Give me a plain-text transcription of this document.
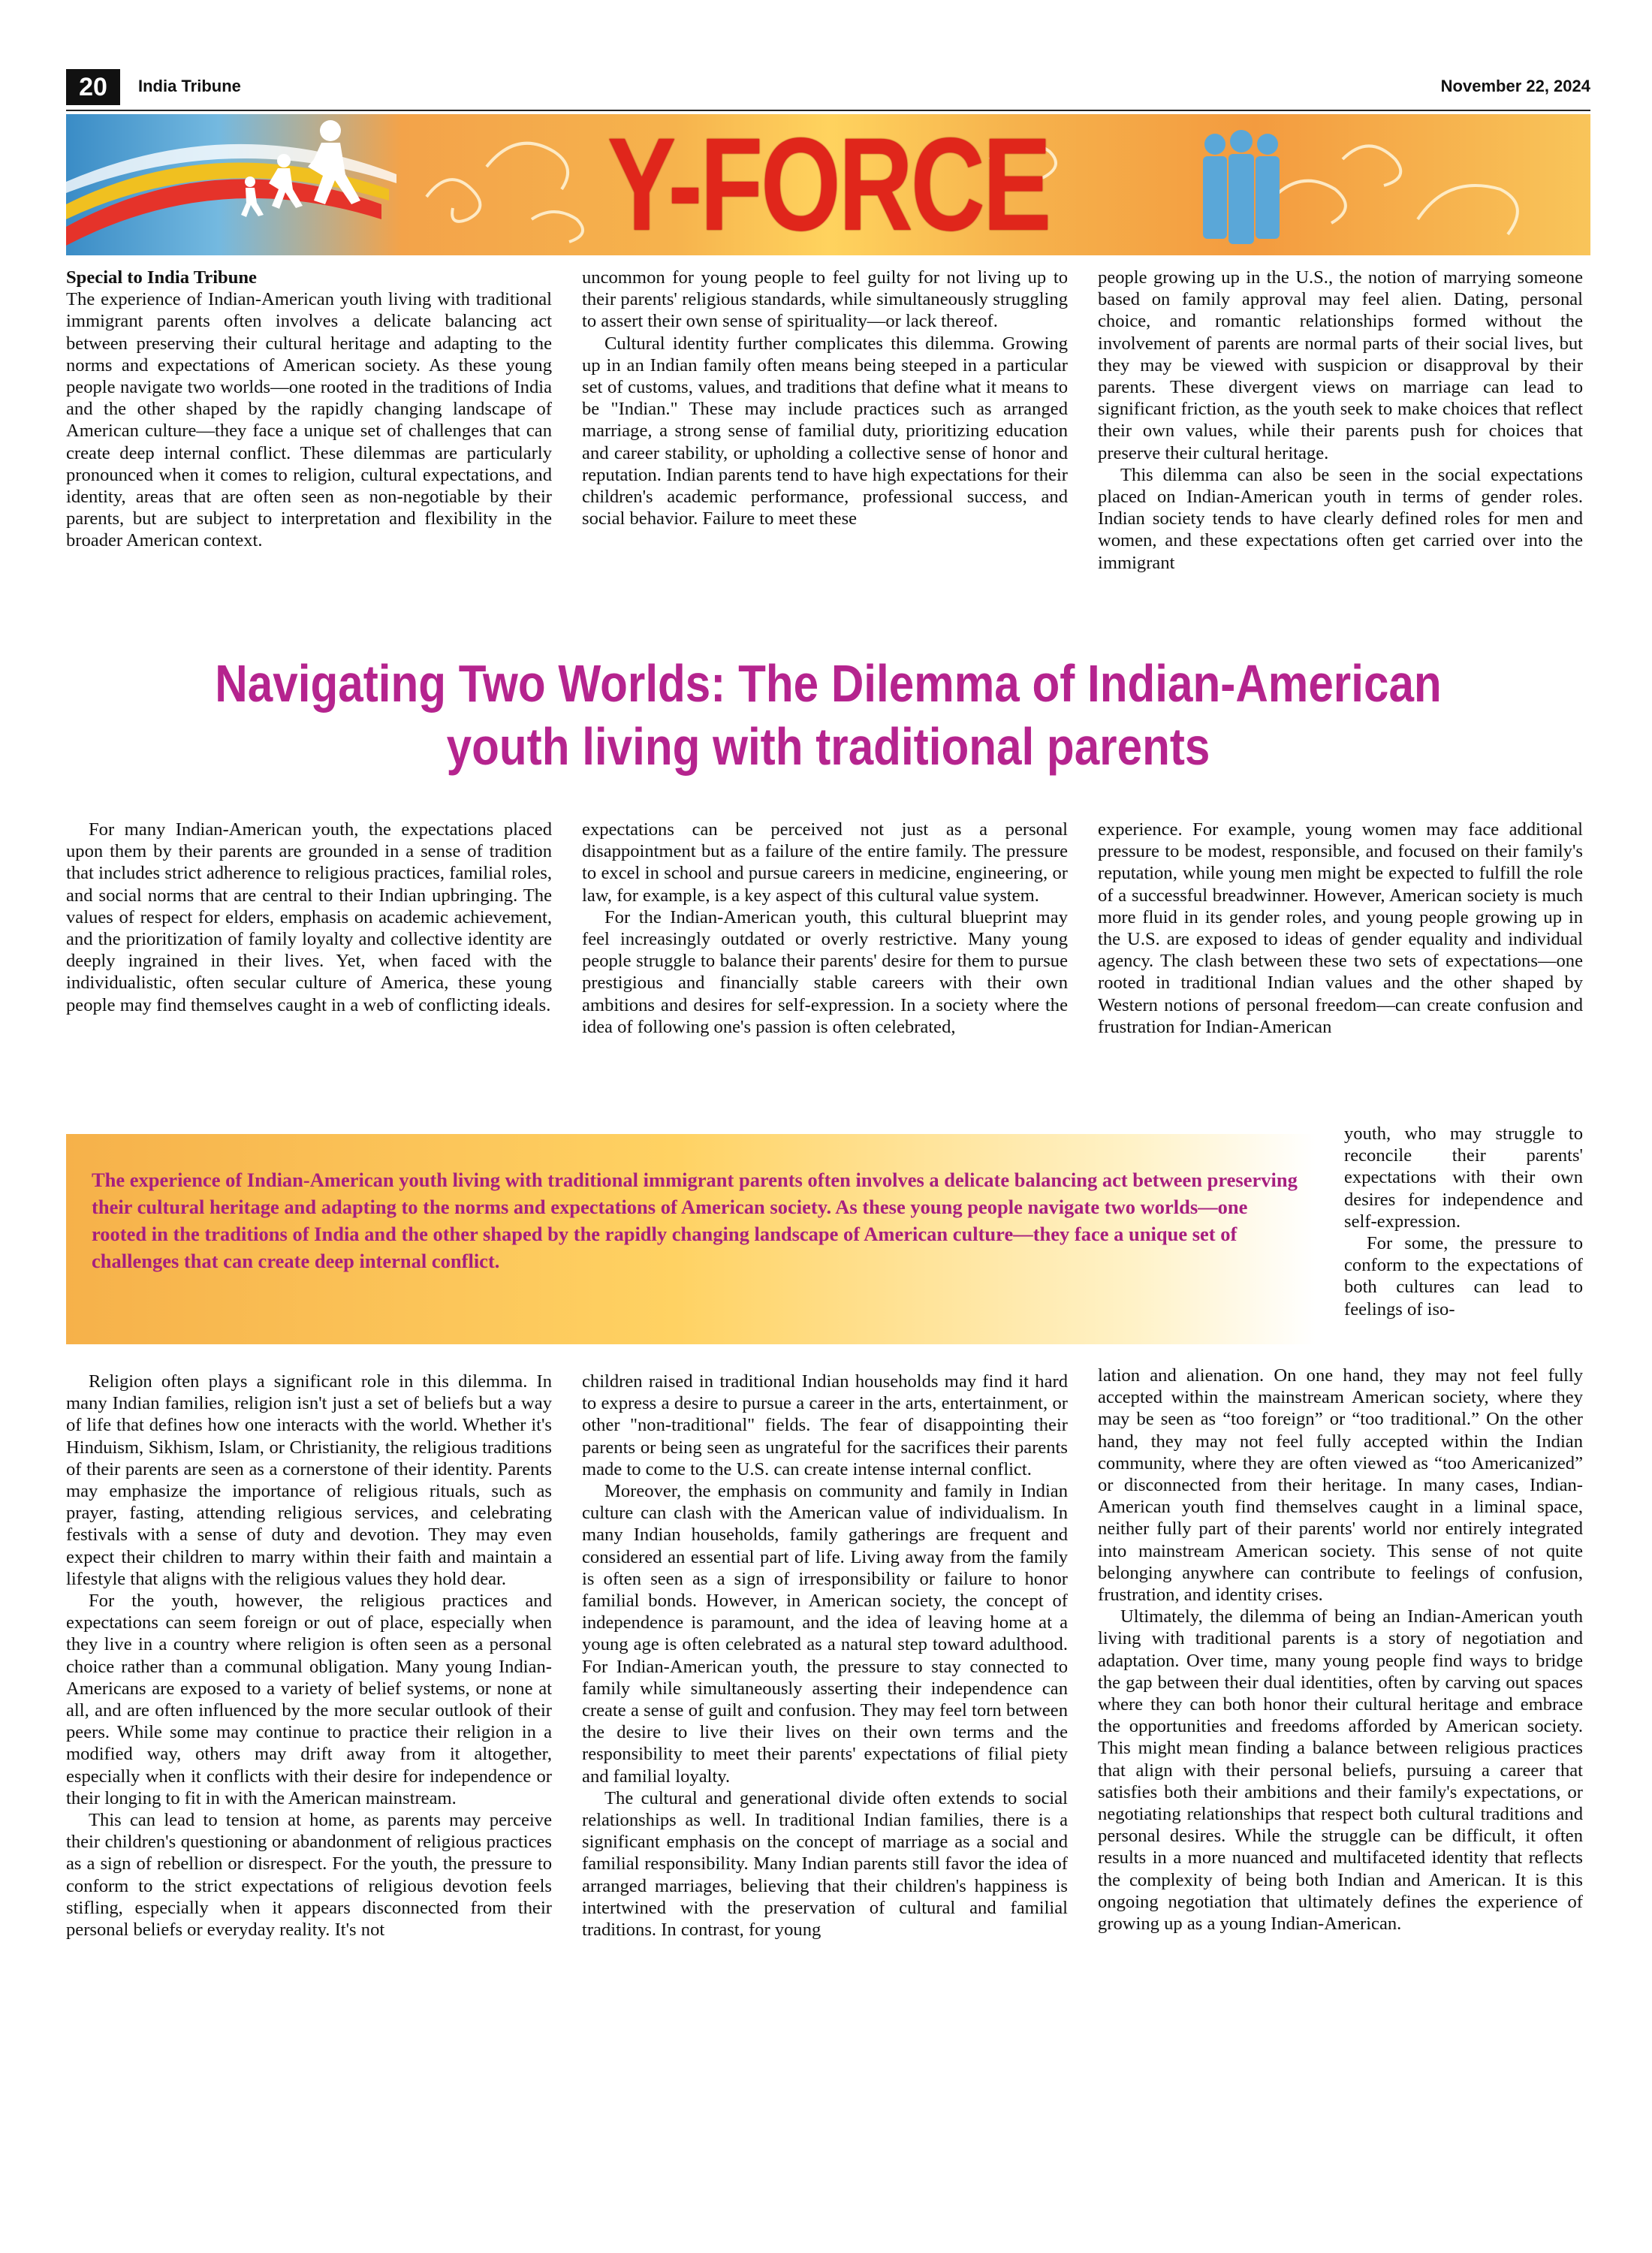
20	India Tribune	November 22, 2024
Y-FORCE

Special to India Tribune

The experience of Indian-American youth living with traditional immigrant parents often involves a delicate balancing act between preserving their cultural heritage and adapting to the norms and expectations of American society. As these young people navigate two worlds—one rooted in the traditions of India and the other shaped by the rapidly changing landscape of American culture—they face a unique set of challenges that can create deep internal conflict. These dilemmas are particularly pronounced when it comes to religion, cultural expectations, and identity, areas that are often seen as non-negotiable by their parents, but are subject to interpretation and flexibility in the broader American context.

uncommon for young people to feel guilty for not living up to their parents' religious standards, while simultaneously struggling to assert their own sense of spirituality—or lack thereof.

Cultural identity further complicates this dilemma. Growing up in an Indian family often means being steeped in a particular set of customs, values, and traditions that define what it means to be "Indian." These may include practices such as arranged marriage, a strong sense of familial duty, prioritizing education and career stability, or upholding a collective sense of honor and reputation. Indian parents tend to have high expectations for their children's academic performance, professional success, and social behavior. Failure to meet these

people growing up in the U.S., the notion of marrying someone based on family approval may feel alien. Dating, personal choice, and romantic relationships formed without the involvement of parents are normal parts of their social lives, but they may be viewed with suspicion or disapproval by their parents. These divergent views on marriage can lead to significant friction, as the youth seek to make choices that reflect their own values, while their parents push for choices that preserve their cultural heritage.

This dilemma can also be seen in the social expectations placed on Indian-American youth in terms of gender roles. Indian society tends to have clearly defined roles for men and women, and these expectations often get carried over into the immigrant

Navigating Two Worlds: The Dilemma of Indian-American
youth living with traditional parents

For many Indian-American youth, the expectations placed upon them by their parents are grounded in a sense of tradition that includes strict adherence to religious practices, familial roles, and social norms that are central to their Indian upbringing. The values of respect for elders, emphasis on academic achievement, and the prioritization of family loyalty and collective identity are deeply ingrained in their lives. Yet, when faced with the individualistic, often secular culture of America, these young people may find themselves caught in a web of conflicting ideals.

expectations can be perceived not just as a personal disappointment but as a failure of the entire family. The pressure to excel in school and pursue careers in medicine, engineering, or law, for example, is a key aspect of this cultural value system.

For the Indian-American youth, this cultural blueprint may feel increasingly outdated or overly restrictive. Many young people struggle to balance their parents' desire for them to pursue prestigious and financially stable careers with their own ambitions and desires for self-expression. In a society where the idea of following one's passion is often celebrated,

experience. For example, young women may face additional pressure to be modest, responsible, and focused on their family's reputation, while young men might be expected to fulfill the role of a successful breadwinner. However, American society is much more fluid in its gender roles, and young people growing up in the U.S. are exposed to ideas of gender equality and individual agency. The clash between these two sets of expectations—one rooted in traditional Indian values and the other shaped by Western notions of personal freedom—can create confusion and frustration for Indian-American

The experience of Indian-American youth living with traditional immigrant parents often involves a delicate balancing act between preserving their cultural heritage and adapting to the norms and expectations of American society. As these young people navigate two worlds—one rooted in the traditions of India and the other shaped by the rapidly changing landscape of American culture—they face a unique set of challenges that can create deep internal conflict.

youth, who may struggle to reconcile their parents' expectations with their own desires for independence and self-expression.

For some, the pressure to conform to the expectations of both cultures can lead to feelings of iso-

Religion often plays a significant role in this dilemma. In many Indian families, religion isn't just a set of beliefs but a way of life that defines how one interacts with the world. Whether it's Hinduism, Sikhism, Islam, or Christianity, the religious traditions of their parents are seen as a cornerstone of their identity. Parents may emphasize the importance of religious rituals, such as prayer, fasting, attending religious services, and celebrating festivals with a sense of duty and devotion. They may even expect their children to marry within their faith and maintain a lifestyle that aligns with the religious values they hold dear.

For the youth, however, the religious practices and expectations can seem foreign or out of place, especially when they live in a country where religion is often seen as a personal choice rather than a communal obligation. Many young Indian-Americans are exposed to a variety of belief systems, or none at all, and are often influenced by the more secular outlook of their peers. While some may continue to practice their religion in a modified way, others may drift away from it altogether, especially when it conflicts with their desire for independence or their longing to fit in with the American mainstream.

This can lead to tension at home, as parents may perceive their children's questioning or abandonment of religious practices as a sign of rebellion or disrespect. For the youth, the pressure to conform to the strict expectations of religious devotion feels stifling, especially when it appears disconnected from their personal beliefs or everyday reality. It's not

children raised in traditional Indian households may find it hard to express a desire to pursue a career in the arts, entertainment, or other "non-traditional" fields. The fear of disappointing their parents or being seen as ungrateful for the sacrifices their parents made to come to the U.S. can create intense internal conflict.

Moreover, the emphasis on community and family in Indian culture can clash with the American value of individualism. In many Indian households, family gatherings are frequent and considered an essential part of life. Living away from the family is often seen as a sign of irresponsibility or failure to honor familial bonds. However, in American society, the concept of independence is paramount, and the idea of leaving home at a young age is often celebrated as a natural step toward adulthood. For Indian-American youth, the pressure to stay connected to family while simultaneously asserting their independence can create a sense of guilt and confusion. They may feel torn between the desire to live their lives on their own terms and the responsibility to meet their parents' expectations of filial piety and familial loyalty.

The cultural and generational divide often extends to social relationships as well. In traditional Indian families, there is a significant emphasis on the concept of marriage as a social and familial responsibility. Many Indian parents still favor the idea of arranged marriages, believing that their children's happiness is intertwined with the preservation of cultural and familial traditions. In contrast, for young

lation and alienation. On one hand, they may not feel fully accepted within the mainstream American society, where they may be seen as “too foreign” or “too traditional.” On the other hand, they may not feel fully accepted within the Indian community, where they are often viewed as “too Americanized” or disconnected from their heritage. In many cases, Indian-American youth find themselves caught in a liminal space, neither fully part of their parents' world nor entirely integrated into mainstream American society. This sense of not quite belonging anywhere can contribute to feelings of confusion, frustration, and identity crises.

Ultimately, the dilemma of being an Indian-American youth living with traditional parents is a story of negotiation and adaptation. Over time, many young people find ways to bridge the gap between their dual identities, often by carving out spaces where they can both honor their cultural heritage and embrace the opportunities and freedoms afforded by American society. This might mean finding a balance between religious practices that align with their personal beliefs, pursuing a career that satisfies both their ambitions and their family's expectations, or negotiating relationships that respect both cultural traditions and personal desires. While the struggle can be difficult, it often results in a more nuanced and multifaceted identity that reflects the complexity of being both Indian and American. It is this ongoing negotiation that ultimately defines the experience of growing up as a young Indian-American.
